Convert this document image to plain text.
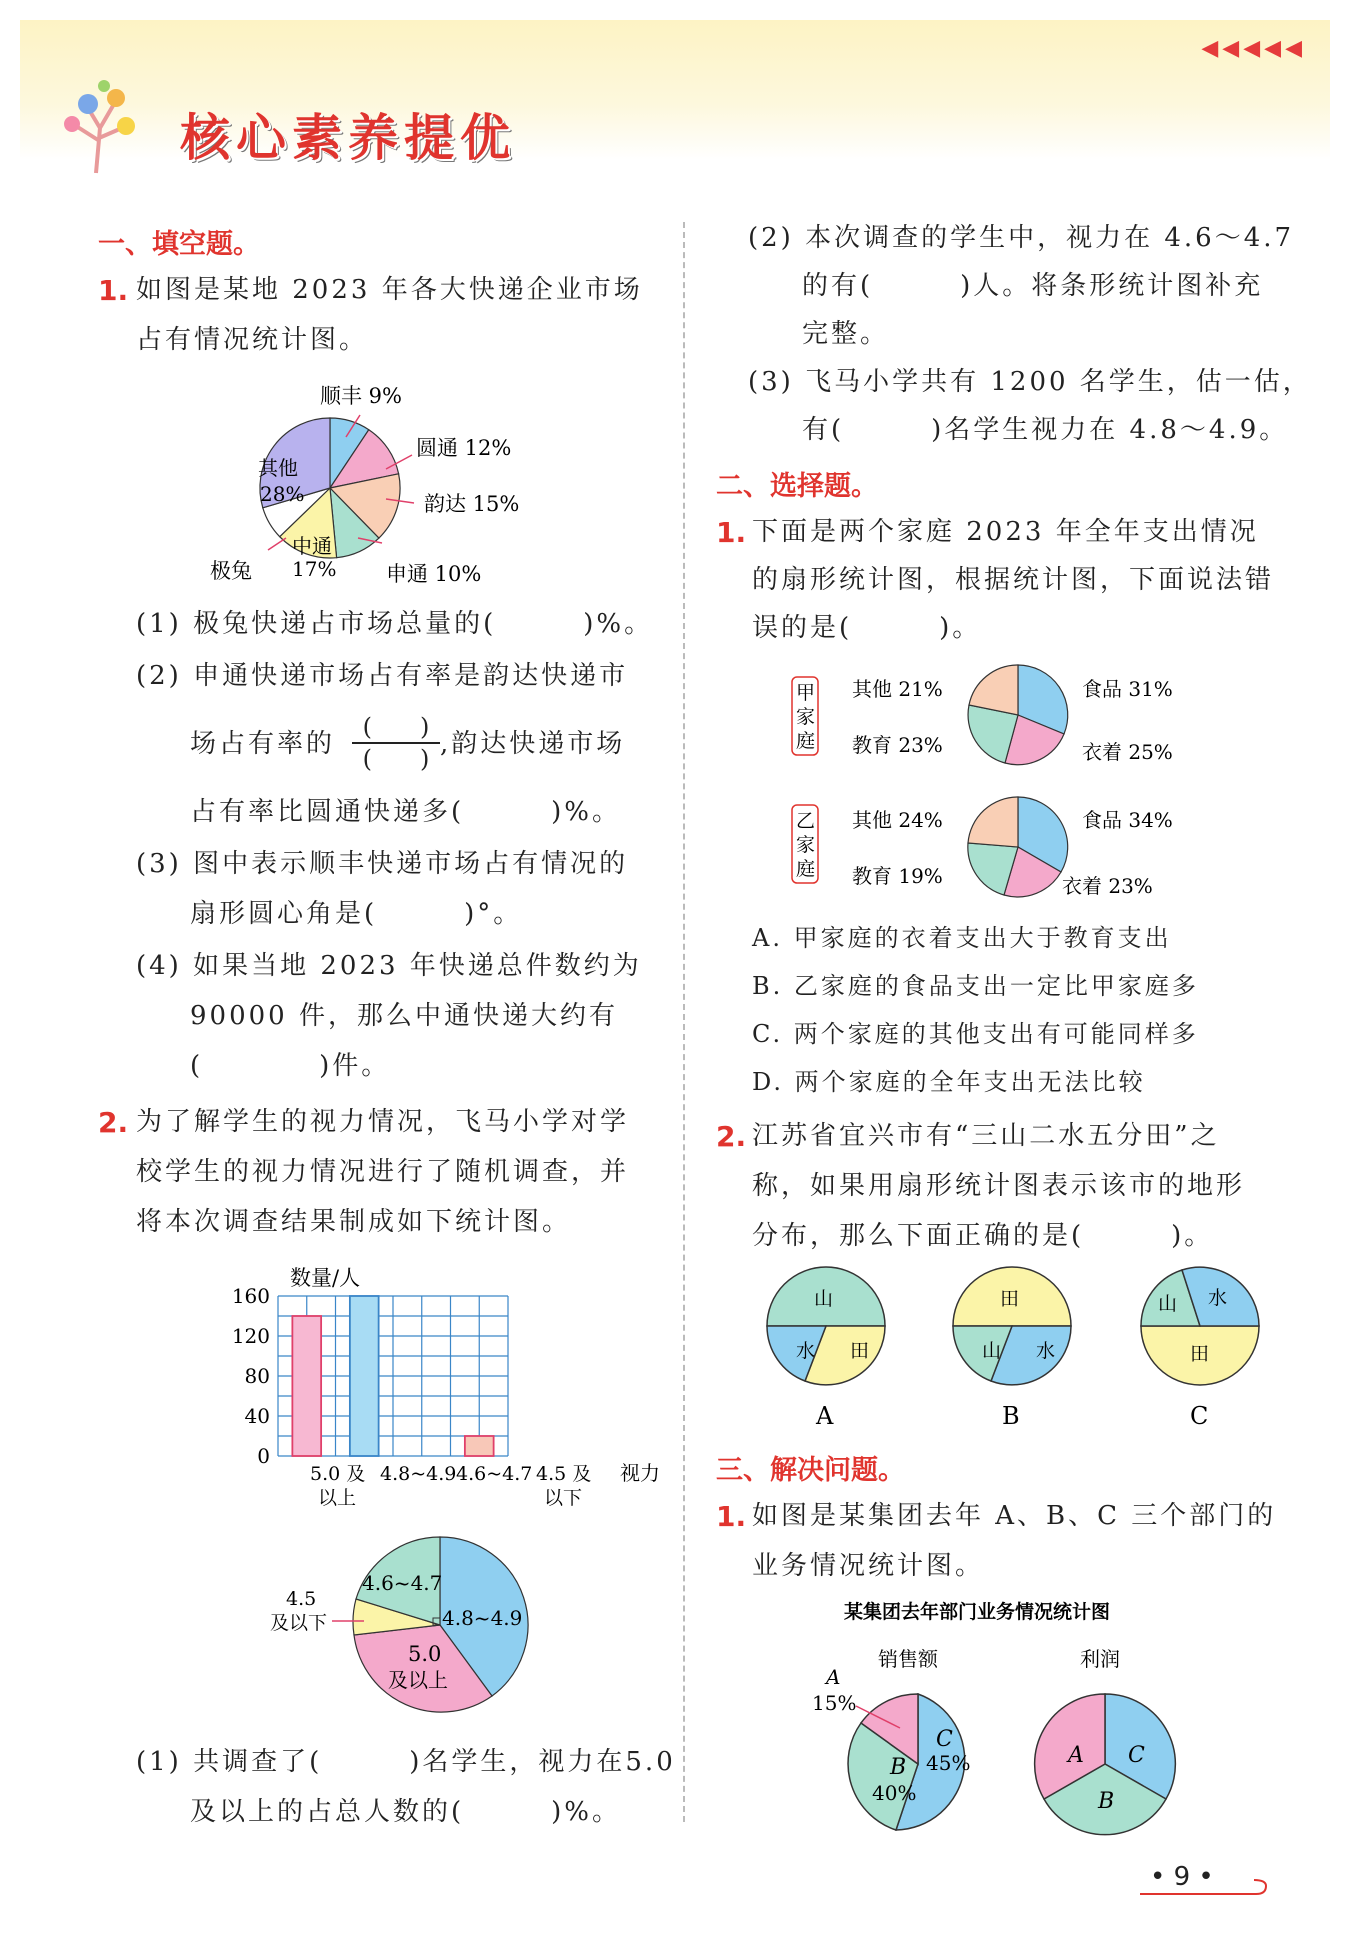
◀◀◀◀◀
核心素养提优
一、填空题。
1. 如图是某地 2023 年各大快递企业市场
占有情况统计图。
顺丰 9%
圆通 12%
韵达 15%
申通 10%
中通
17%
极兔
其他
28%
(1) 极兔快递占市场总量的(　　　)%。
(2) 申通快递市场占有率是韵达快递市
场占有率的
(　　)
(　　) ,韵达快递市场
占有率比圆通快递多(　　　)%。
(3) 图中表示顺丰快递市场占有情况的
扇形圆心角是(　　　)°。
(4) 如果当地 2023 年快递总件数约为
90000 件，那么中通快递大约有
(　　　　)件。
2. 为了解学生的视力情况，飞马小学对学
校学生的视力情况进行了随机调查，并
将本次调查结果制成如下统计图。
数量/人
0
40
80
120
160
5.0 及
以上
4.8~4.9 4.6~4.7 4.5 及
以下
视力
4.8~4.9
5.0
及以上
4.6~4.7
4.5
及以下
(1) 共调查了(　　　)名学生，视力在5.0
及以上的占总人数的(　　　)%。
(2) 本次调查的学生中，视力在 4.6～4.7
的有(　　　)人。将条形统计图补充
完整。
(3) 飞马小学共有 1200 名学生，估一估，
有(　　　)名学生视力在 4.8～4.9。
二、选择题。
1. 下面是两个家庭 2023 年全年支出情况
的扇形统计图，根据统计图，下面说法错
误的是(　　　)。
甲
家
庭
其他 21%
教育 23%
食品 31%
衣着 25%
乙
家
庭
其他 24%
教育 19%
食品 34%
衣着 23%
A. 甲家庭的衣着支出大于教育支出
B. 乙家庭的食品支出一定比甲家庭多
C. 两个家庭的其他支出有可能同样多
D. 两个家庭的全年支出无法比较
2. 江苏省宜兴市有“三山二水五分田”之
称，如果用扇形统计图表示该市的地形
分布，那么下面正确的是(　　　)。
山
水 田
田
山 水
山 水
田
A	B	C
三、解决问题。
1. 如图是某集团去年 A、B、C 三个部门的
业务情况统计图。
某集团去年部门业务情况统计图
销售额	利润
A
15%
C
45%
B
40%
A C
B
• 9 •
